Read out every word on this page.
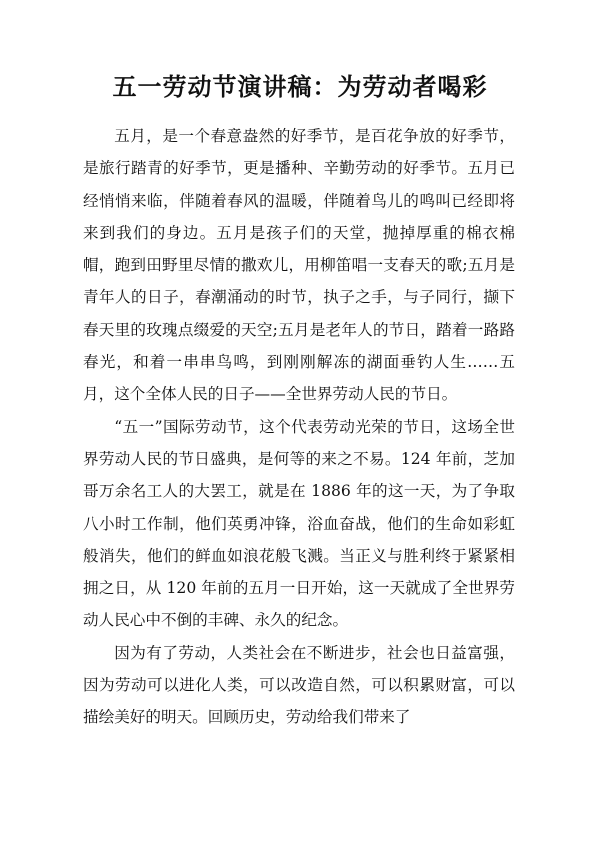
五一劳动节演讲稿：为劳动者喝彩

五月，是一个春意盎然的好季节，是百花争放的好季节，是旅行踏青的好季节，更是播种、辛勤劳动的好季节。五月已经悄悄来临，伴随着春风的温暖，伴随着鸟儿的鸣叫已经即将来到我们的身边。五月是孩子们的天堂，抛掉厚重的棉衣棉帽，跑到田野里尽情的撒欢儿，用柳笛唱一支春天的歌;五月是青年人的日子，春潮涌动的时节，执子之手，与子同行，撷下春天里的玫瑰点缀爱的天空;五月是老年人的节日，踏着一路路春光，和着一串串鸟鸣，到刚刚解冻的湖面垂钓人生……五月，这个全体人民的日子——全世界劳动人民的节日。

“五一”国际劳动节，这个代表劳动光荣的节日，这场全世界劳动人民的节日盛典，是何等的来之不易。124 年前，芝加哥万余名工人的大罢工，就是在 1886 年的这一天，为了争取八小时工作制，他们英勇冲锋，浴血奋战，他们的生命如彩虹般消失，他们的鲜血如浪花般飞溅。当正义与胜利终于紧紧相拥之日，从 120 年前的五月一日开始，这一天就成了全世界劳动人民心中不倒的丰碑、永久的纪念。

因为有了劳动，人类社会在不断进步，社会也日益富强，因为劳动可以进化人类，可以改造自然，可以积累财富，可以描绘美好的明天。回顾历史，劳动给我们带来了
